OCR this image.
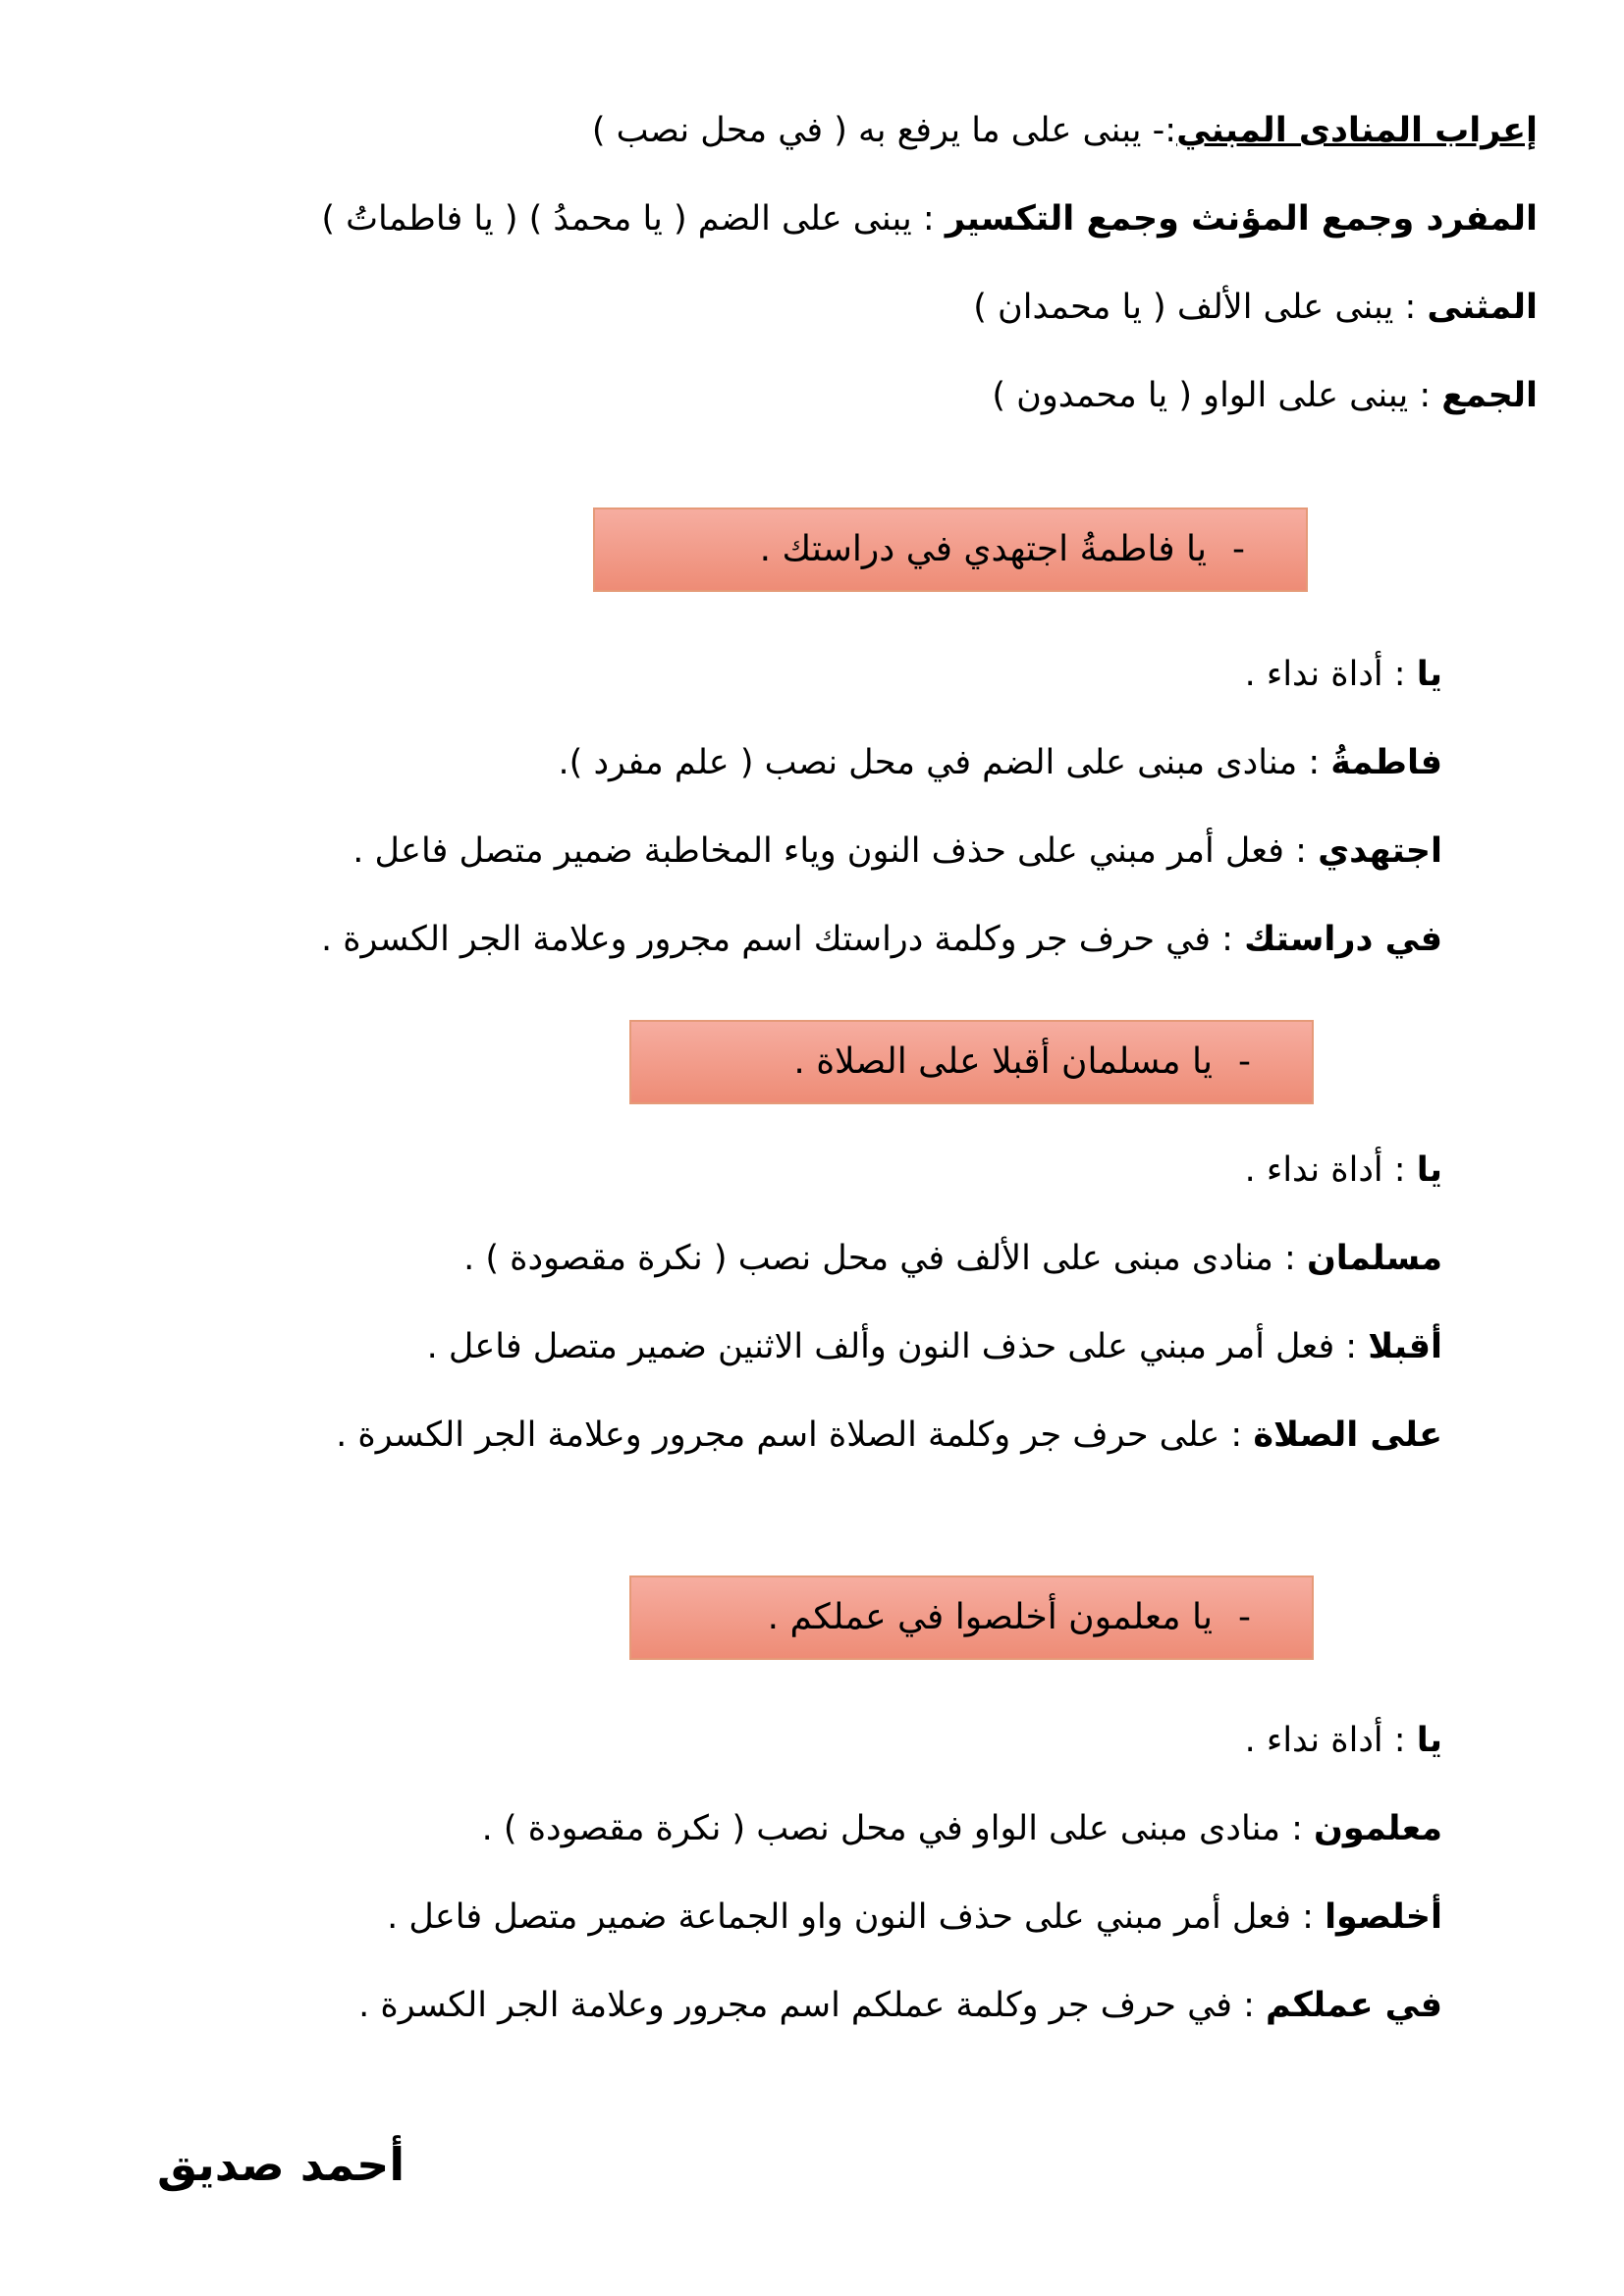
إعراب المنادى المبني:- يبنى على ما يرفع به ( في محل نصب )
المفرد وجمع المؤنث وجمع التكسير : يبنى على الضم ( يا محمدُ ) ( يا فاطماتُ )
المثنى : يبنى على الألف ( يا محمدان )
الجمع : يبنى على الواو ( يا محمدون )
-يا فاطمةُ اجتهدي في دراستك .
يا : أداة نداء .
فاطمةُ : منادى مبنى على الضم في محل نصب ( علم مفرد ).
اجتهدي : فعل أمر مبني على حذف النون وياء المخاطبة ضمير متصل فاعل .
في دراستك : في حرف جر وكلمة دراستك اسم مجرور وعلامة الجر الكسرة .
-يا مسلمان أقبلا على الصلاة .
يا : أداة نداء .
مسلمان : منادى مبنى على الألف في محل نصب ( نكرة مقصودة ) .
أقبلا : فعل أمر مبني على حذف النون وألف الاثنين ضمير متصل فاعل .
على الصلاة : على حرف جر وكلمة الصلاة اسم مجرور وعلامة الجر الكسرة .
-يا معلمون أخلصوا في عملكم .
يا : أداة نداء .
معلمون : منادى مبنى على الواو في محل نصب ( نكرة مقصودة ) .
أخلصوا : فعل أمر مبني على حذف النون واو الجماعة ضمير متصل فاعل .
في عملكم : في حرف جر وكلمة عملكم اسم مجرور وعلامة الجر الكسرة .
أحمد صديق
